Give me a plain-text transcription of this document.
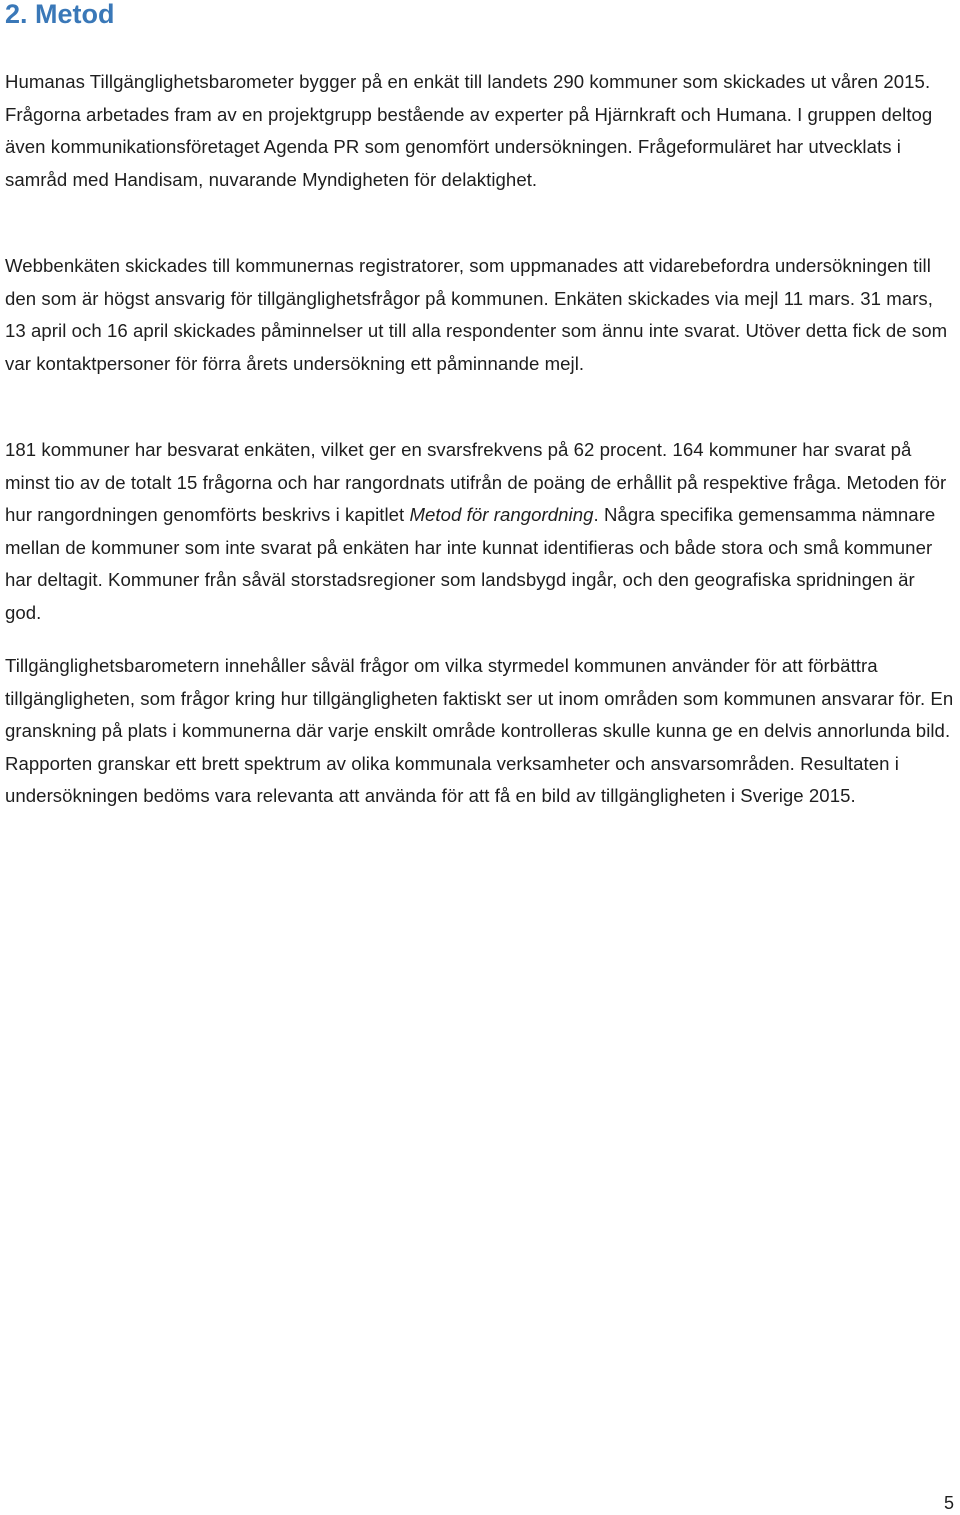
2. Metod

Humanas Tillgänglighetsbarometer bygger på en enkät till landets 290 kommuner som skickades ut våren 2015. Frågorna arbetades fram av en projektgrupp bestående av experter på Hjärnkraft och Humana. I gruppen deltog även kommunikationsföretaget Agenda PR som genomfört undersökningen. Frågeformuläret har utvecklats i samråd med Handisam, nuvarande Myndigheten för delaktighet.

Webbenkäten skickades till kommunernas registratorer, som uppmanades att vidarebefordra undersökningen till den som är högst ansvarig för tillgänglighetsfrågor på kommunen. Enkäten skickades via mejl 11 mars. 31 mars, 13 april och 16 april skickades påminnelser ut till alla respondenter som ännu inte svarat. Utöver detta fick de som var kontaktpersoner för förra årets undersökning ett påminnande mejl.

181 kommuner har besvarat enkäten, vilket ger en svarsfrekvens på 62 procent. 164 kommuner har svarat på minst tio av de totalt 15 frågorna och har rangordnats utifrån de poäng de erhållit på respektive fråga. Metoden för hur rangordningen genomförts beskrivs i kapitlet Metod för rangordning. Några specifika gemensamma nämnare mellan de kommuner som inte svarat på enkäten har inte kunnat identifieras och både stora och små kommuner har deltagit. Kommuner från såväl storstadsregioner som landsbygd ingår, och den geografiska spridningen är god.

Tillgänglighetsbarometern innehåller såväl frågor om vilka styrmedel kommunen använder för att förbättra tillgängligheten, som frågor kring hur tillgängligheten faktiskt ser ut inom områden som kommunen ansvarar för. En granskning på plats i kommunerna där varje enskilt område kontrolleras skulle kunna ge en delvis annorlunda bild. Rapporten granskar ett brett spektrum av olika kommunala verksamheter och ansvarsområden. Resultaten i undersökningen bedöms vara relevanta att använda för att få en bild av tillgängligheten i Sverige 2015.

5
